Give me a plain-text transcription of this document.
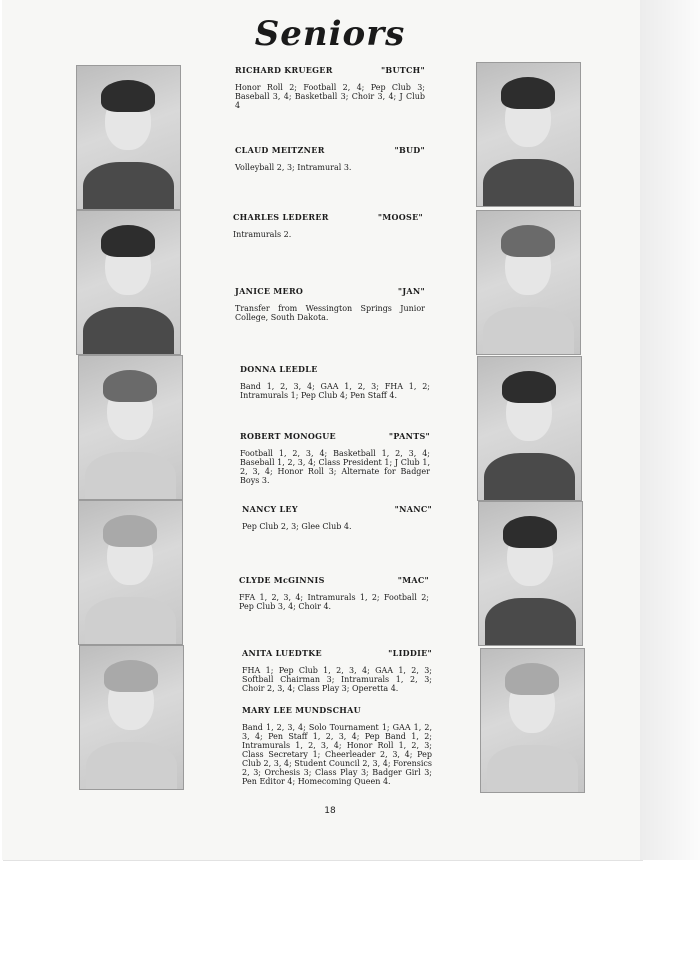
Seniors
RICHARD KRUEGER	"BUTCH"
Honor Roll 2; Football 2, 4; Pep Club 3; Baseball 3, 4; Basketball 3; Choir 3, 4; J Club 4
CLAUD MEITZNER	"BUD"
Volleyball 2, 3; Intramural 3.
CHARLES LEDERER	"MOOSE"
Intramurals 2.
JANICE MERO	"JAN"
Transfer from Wessington Springs Junior College, South Dakota.
DONNA LEEDLE
Band 1, 2, 3, 4; GAA 1, 2, 3; FHA 1, 2; Intramurals 1; Pep Club 4; Pen Staff 4.
ROBERT MONOGUE	"PANTS"
Football 1, 2, 3, 4; Basketball 1, 2, 3, 4; Baseball 1, 2, 3, 4; Class President 1; J Club 1, 2, 3, 4; Honor Roll 3; Alternate for Badger Boys 3.
NANCY LEY	"NANC"
Pep Club 2, 3; Glee Club 4.
CLYDE McGINNIS	"MAC"
FFA 1, 2, 3, 4; Intramurals 1, 2; Football 2; Pep Club 3, 4; Choir 4.
ANITA LUEDTKE	"LIDDIE"
FHA 1; Pep Club 1, 2, 3, 4; GAA 1, 2, 3; Softball Chairman 3; Intramurals 1, 2, 3; Choir 2, 3, 4; Class Play 3; Operetta 4.
MARY LEE MUNDSCHAU
Band 1, 2, 3, 4; Solo Tournament 1; GAA 1, 2, 3, 4; Pen Staff 1, 2, 3, 4; Pep Band 1, 2; Intramurals 1, 2, 3, 4; Honor Roll 1, 2, 3; Class Secretary 1; Cheerleader 2, 3, 4; Pep Club 2, 3, 4; Student Council 2, 3, 4; Forensics 2, 3; Orchesis 3; Class Play 3; Badger Girl 3; Pen Editor 4; Homecoming Queen 4.
18
